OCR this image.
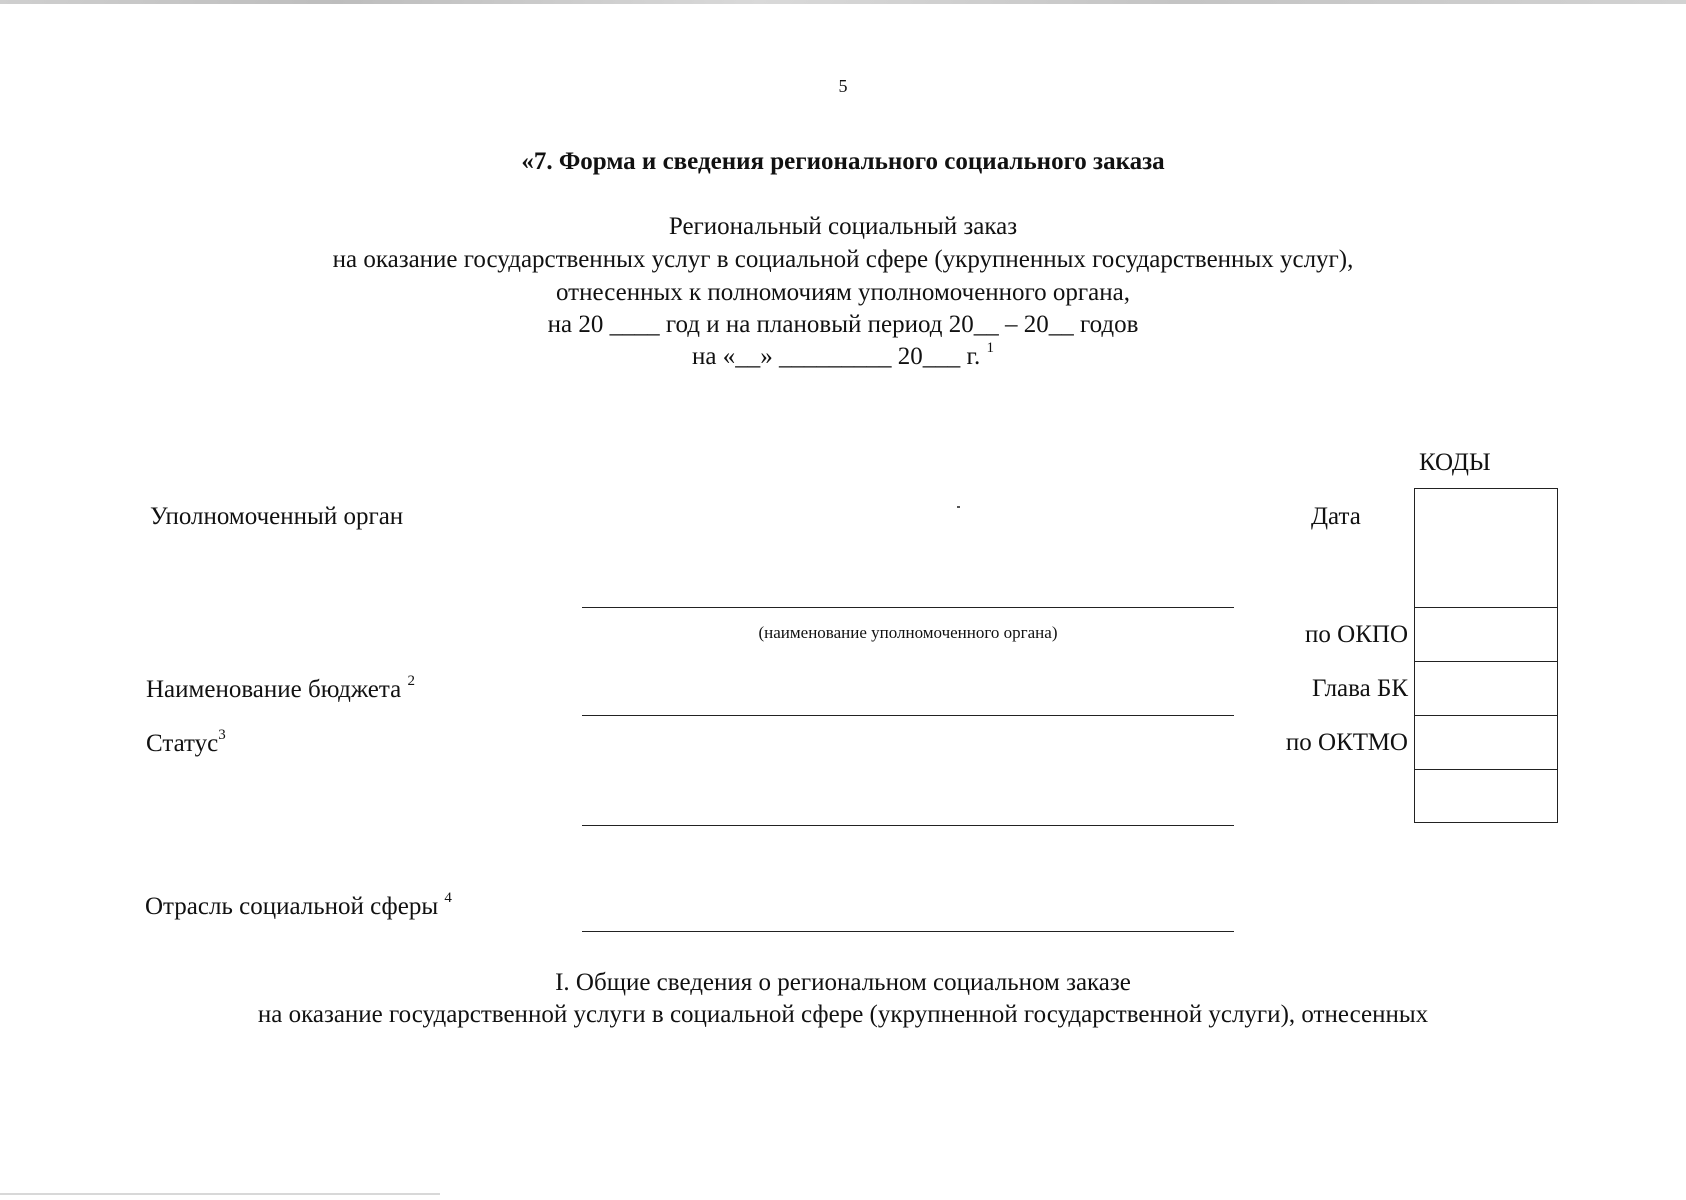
5
«7. Форма и сведения регионального социального заказа
Региональный социальный заказ
на оказание государственных услуг в социальной сфере (укрупненных государственных услуг),
отнесенных к полномочиям уполномоченного органа,
на 20 ____ год и на плановый период 20__ – 20__ годов
на «__» _________ 20___ г. $^1$
КОДЫ
Дата
по ОКПО
Глава БК
по ОКТМО
Уполномоченный орган
(наименование уполномоченного органа)
Наименование бюджета $^2$
Статус$^3$
Отрасль социальной сферы $^4$
I. Общие сведения о региональном социальном заказе
на оказание государственной услуги в социальной сфере (укрупненной государственной услуги), отнесенных
